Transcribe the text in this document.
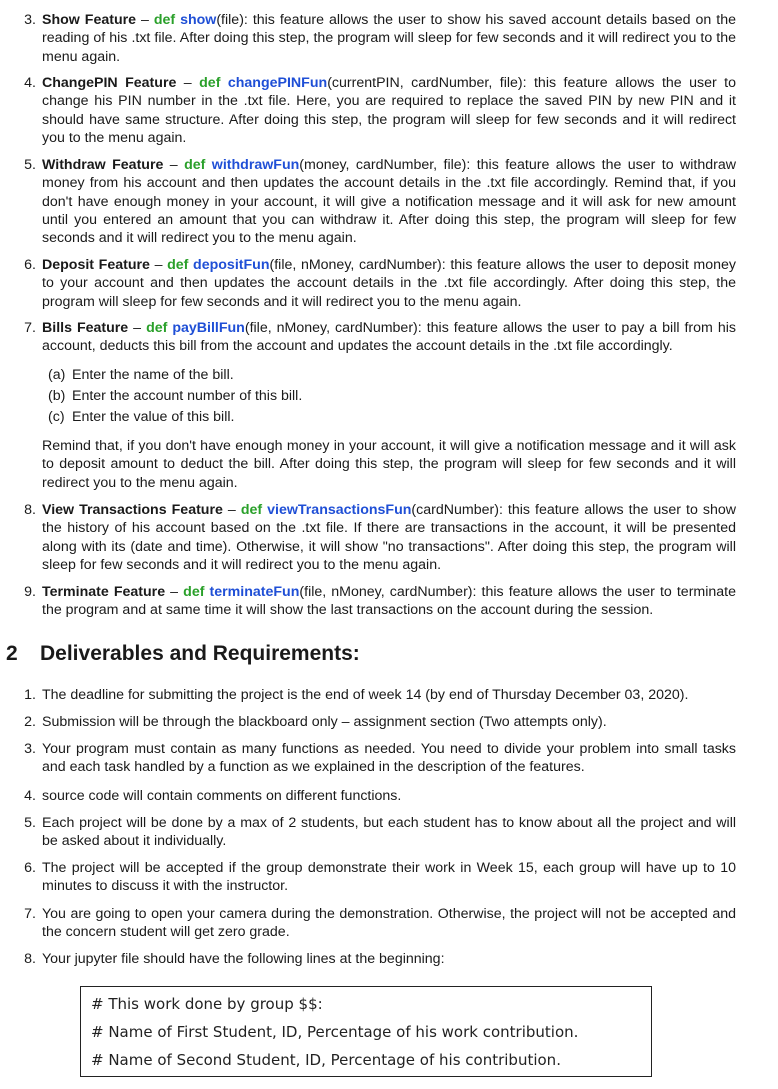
3. Show Feature – def show(file): this feature allows the user to show his saved account details based on the reading of his .txt file. After doing this step, the program will sleep for few seconds and it will redirect you to the menu again.
4. ChangePIN Feature – def changePINFun(currentPIN, cardNumber, file): this feature allows the user to change his PIN number in the .txt file. Here, you are required to replace the saved PIN by new PIN and it should have same structure. After doing this step, the program will sleep for few seconds and it will redirect you to the menu again.
5. Withdraw Feature – def withdrawFun(money, cardNumber, file): this feature allows the user to withdraw money from his account and then updates the account details in the .txt file accordingly. Remind that, if you don't have enough money in your account, it will give a notification message and it will ask for new amount until you entered an amount that you can withdraw it. After doing this step, the program will sleep for few seconds and it will redirect you to the menu again.
6. Deposit Feature – def depositFun(file, nMoney, cardNumber): this feature allows the user to deposit money to your account and then updates the account details in the .txt file accordingly. After doing this step, the program will sleep for few seconds and it will redirect you to the menu again.
7. Bills Feature – def payBillFun(file, nMoney, cardNumber): this feature allows the user to pay a bill from his account, deducts this bill from the account and updates the account details in the .txt file accordingly.
(a) Enter the name of the bill.
(b) Enter the account number of this bill.
(c) Enter the value of this bill.
Remind that, if you don't have enough money in your account, it will give a notification message and it will ask to deposit amount to deduct the bill. After doing this step, the program will sleep for few seconds and it will redirect you to the menu again.
8. View Transactions Feature – def viewTransactionsFun(cardNumber): this feature allows the user to show the history of his account based on the .txt file. If there are transactions in the account, it will be presented along with its (date and time). Otherwise, it will show "no transactions". After doing this step, the program will sleep for few seconds and it will redirect you to the menu again.
9. Terminate Feature – def terminateFun(file, nMoney, cardNumber): this feature allows the user to terminate the program and at same time it will show the last transactions on the account during the session.
2 Deliverables and Requirements:
1. The deadline for submitting the project is the end of week 14 (by end of Thursday December 03, 2020).
2. Submission will be through the blackboard only – assignment section (Two attempts only).
3. Your program must contain as many functions as needed. You need to divide your problem into small tasks and each task handled by a function as we explained in the description of the features.
4. source code will contain comments on different functions.
5. Each project will be done by a max of 2 students, but each student has to know about all the project and will be asked about it individually.
6. The project will be accepted if the group demonstrate their work in Week 15, each group will have up to 10 minutes to discuss it with the instructor.
7. You are going to open your camera during the demonstration. Otherwise, the project will not be accepted and the concern student will get zero grade.
8. Your jupyter file should have the following lines at the beginning:
# This work done by group $$:
# Name of First Student, ID, Percentage of his work contribution.
# Name of Second Student, ID, Percentage of his contribution.
